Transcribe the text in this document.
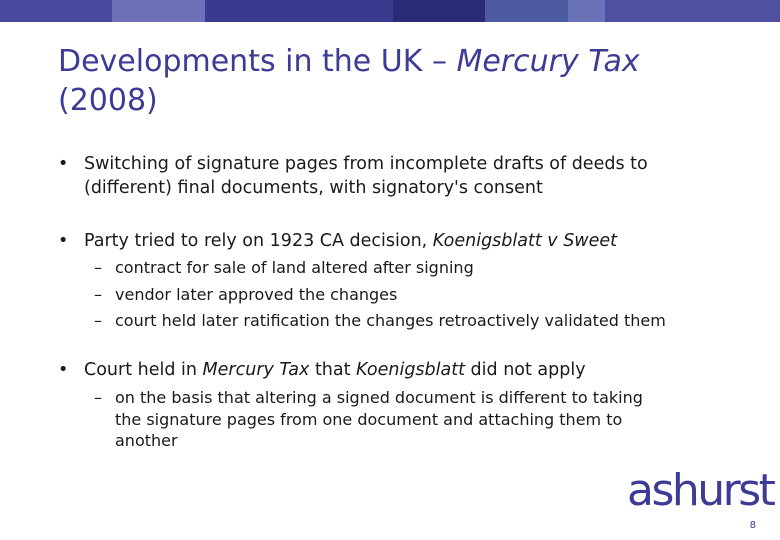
Developments in the UK – Mercury Tax
(2008)
• Switching of signature pages from incomplete drafts of deeds to
(different) final documents, with signatory's consent
• Party tried to rely on 1923 CA decision, Koenigsblatt v Sweet
– contract for sale of land altered after signing
– vendor later approved the changes
– court held later ratification the changes retroactively validated them
• Court held in Mercury Tax that Koenigsblatt did not apply
– on the basis that altering a signed document is different to taking
the signature pages from one document and attaching them to
another
ashurst
8
